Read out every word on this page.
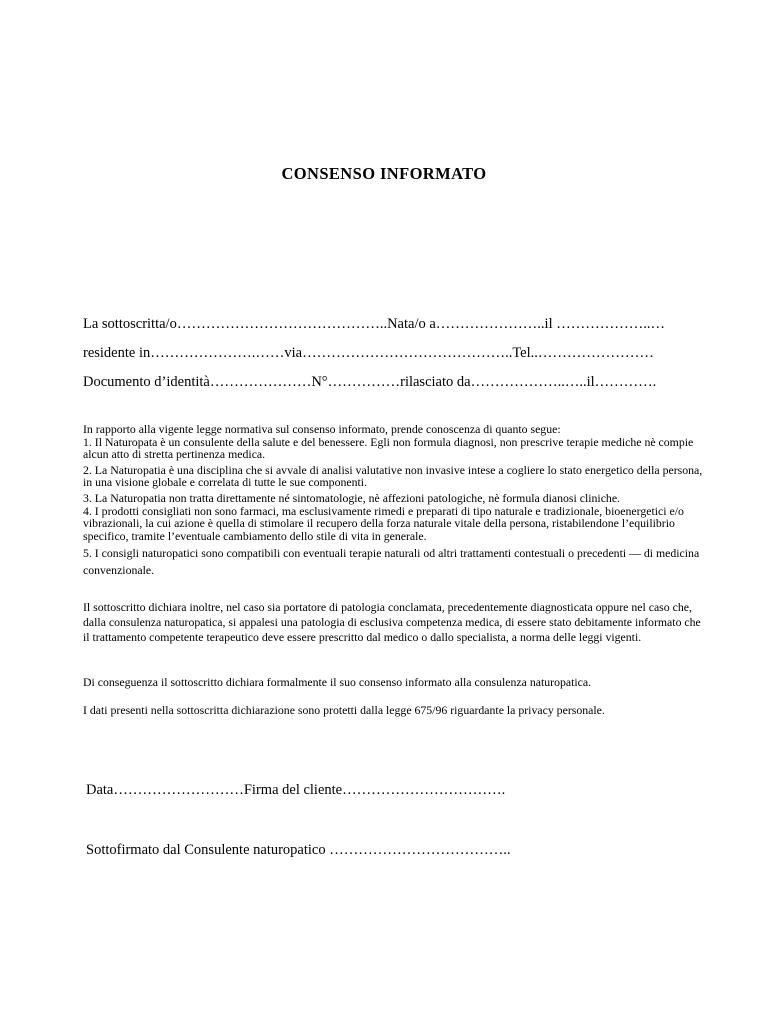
CONSENSO INFORMATO
La sottoscritta/o……………………………………..Nata/o a…………………..il ………………..…
residente in………………….……via……………………………………..Tel..……………………
Documento d’identità…………………N°……………rilasciato da………………..…..il………….

In rapporto alla vigente legge normativa sul consenso informato, prende conoscenza di quanto segue:

1. Il Naturopata è un consulente della salute e del benessere. Egli non formula diagnosi, non prescrive terapie mediche nè compie alcun atto di stretta pertinenza medica.

2. La Naturopatia è una disciplina che si avvale di analisi valutative non invasive intese a cogliere lo stato energetico della persona, in una visione globale e correlata di tutte le sue componenti.

3. La Naturopatia non tratta direttamente né sintomatologie, nè affezioni patologiche, nè formula dianosi cliniche.

4. I prodotti consigliati non sono farmaci, ma esclusivamente rimedi e preparati di tipo naturale e tradizionale, bioenergetici e/o vibrazionali, la cui azione è quella di stimolare il recupero della forza naturale vitale della persona, ristabilendone l’equilibrio specifico, tramite l’eventuale cambiamento dello stile di vita in generale.

5. I consigli naturopatici sono compatibili con eventuali terapie naturali od altri trattamenti contestuali o precedenti — di medicina convenzionale.

Il sottoscritto dichiara inoltre, nel caso sia portatore di patologia conclamata, precedentemente diagnosticata oppure nel caso che, dalla consulenza naturopatica, si appalesi una patologia di esclusiva competenza medica, di essere stato debitamente informato che il trattamento competente terapeutico deve essere prescritto dal medico o dallo specialista, a norma delle leggi vigenti.
Di conseguenza il sottoscritto dichiara formalmente il suo consenso informato alla consulenza naturopatica.
I dati presenti nella sottoscritta dichiarazione sono protetti dalla legge 675/96 riguardante la privacy personale.
Data………………………Firma del cliente…………………………….
Sottofirmato dal Consulente naturopatico ………………………………..
